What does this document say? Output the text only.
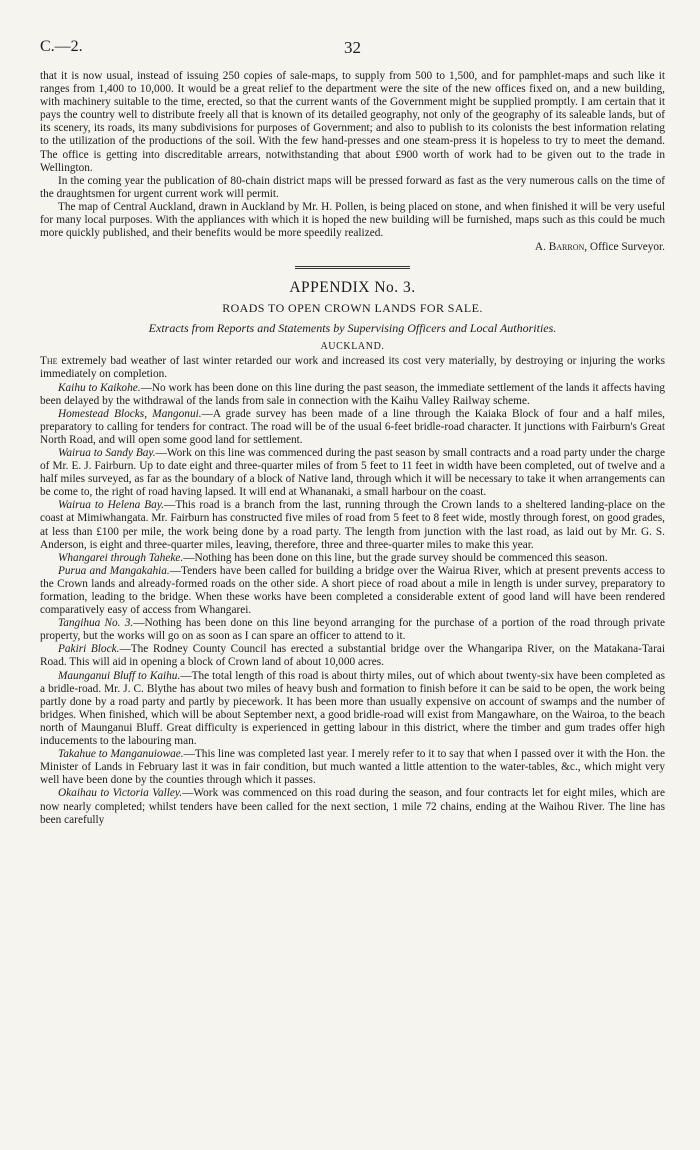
C.—2.	32

that it is now usual, instead of issuing 250 copies of sale-maps, to supply from 500 to 1,500, and for pamphlet-maps and such like it ranges from 1,400 to 10,000. It would be a great relief to the department were the site of the new offices fixed on, and a new building, with machinery suitable to the time, erected, so that the current wants of the Government might be supplied promptly. I am certain that it pays the country well to distribute freely all that is known of its detailed geography, not only of the geography of its saleable lands, but of its scenery, its roads, its many subdivisions for purposes of Government; and also to publish to its colonists the best information relating to the utilization of the productions of the soil. With the few hand-presses and one steam-press it is hopeless to try to meet the demand. The office is getting into discreditable arrears, notwithstanding that about £900 worth of work had to be given out to the trade in Wellington.

In the coming year the publication of 80-chain district maps will be pressed forward as fast as the very numerous calls on the time of the draughtsmen for urgent current work will permit.

The map of Central Auckland, drawn in Auckland by Mr. H. Pollen, is being placed on stone, and when finished it will be very useful for many local purposes. With the appliances with which it is hoped the new building will be furnished, maps such as this could be much more quickly published, and their benefits would be more speedily realized.

A. Barron, Office Surveyor.
APPENDIX No. 3.
ROADS TO OPEN CROWN LANDS FOR SALE.
Extracts from Reports and Statements by Supervising Officers and Local Authorities.
AUCKLAND.

The extremely bad weather of last winter retarded our work and increased its cost very materially, by destroying or injuring the works immediately on completion.

Kaihu to Kaikohe.—No work has been done on this line during the past season, the immediate settlement of the lands it affects having been delayed by the withdrawal of the lands from sale in connection with the Kaihu Valley Railway scheme.

Homestead Blocks, Mangonui.—A grade survey has been made of a line through the Kaiaka Block of four and a half miles, preparatory to calling for tenders for contract. The road will be of the usual 6-feet bridle-road character. It junctions with Fairburn's Great North Road, and will open some good land for settlement.

Wairua to Sandy Bay.—Work on this line was commenced during the past season by small contracts and a road party under the charge of Mr. E. J. Fairburn. Up to date eight and three-quarter miles of from 5 feet to 11 feet in width have been completed, out of twelve and a half miles surveyed, as far as the boundary of a block of Native land, through which it will be necessary to take it when arrangements can be come to, the right of road having lapsed. It will end at Whananaki, a small harbour on the coast.

Wairua to Helena Bay.—This road is a branch from the last, running through the Crown lands to a sheltered landing-place on the coast at Mimiwhangata. Mr. Fairburn has constructed five miles of road from 5 feet to 8 feet wide, mostly through forest, on good grades, at less than £100 per mile, the work being done by a road party. The length from junction with the last road, as laid out by Mr. G. S. Anderson, is eight and three-quarter miles, leaving, therefore, three and three-quarter miles to make this year.

Whangarei through Taheke.—Nothing has been done on this line, but the grade survey should be commenced this season.

Purua and Mangakahia.—Tenders have been called for building a bridge over the Wairua River, which at present prevents access to the Crown lands and already-formed roads on the other side. A short piece of road about a mile in length is under survey, preparatory to formation, leading to the bridge. When these works have been completed a considerable extent of good land will have been rendered comparatively easy of access from Whangarei.

Tangihua No. 3.—Nothing has been done on this line beyond arranging for the purchase of a portion of the road through private property, but the works will go on as soon as I can spare an officer to attend to it.

Pakiri Block.—The Rodney County Council has erected a substantial bridge over the Whangaripa River, on the Matakana-Tarai Road. This will aid in opening a block of Crown land of about 10,000 acres.

Maunganui Bluff to Kaihu.—The total length of this road is about thirty miles, out of which about twenty-six have been completed as a bridle-road. Mr. J. C. Blythe has about two miles of heavy bush and formation to finish before it can be said to be open, the work being partly done by a road party and partly by piecework. It has been more than usually expensive on account of swamps and the number of bridges. When finished, which will be about September next, a good bridle-road will exist from Mangawhare, on the Wairoa, to the beach north of Maunganui Bluff. Great difficulty is experienced in getting labour in this district, where the timber and gum trades offer high inducements to the labouring man.

Takahue to Manganuiowae.—This line was completed last year. I merely refer to it to say that when I passed over it with the Hon. the Minister of Lands in February last it was in fair condition, but much wanted a little attention to the water-tables, &c., which might very well have been done by the counties through which it passes.

Okaihau to Victoria Valley.—Work was commenced on this road during the season, and four contracts let for eight miles, which are now nearly completed; whilst tenders have been called for the next section, 1 mile 72 chains, ending at the Waihou River. The line has been carefully
